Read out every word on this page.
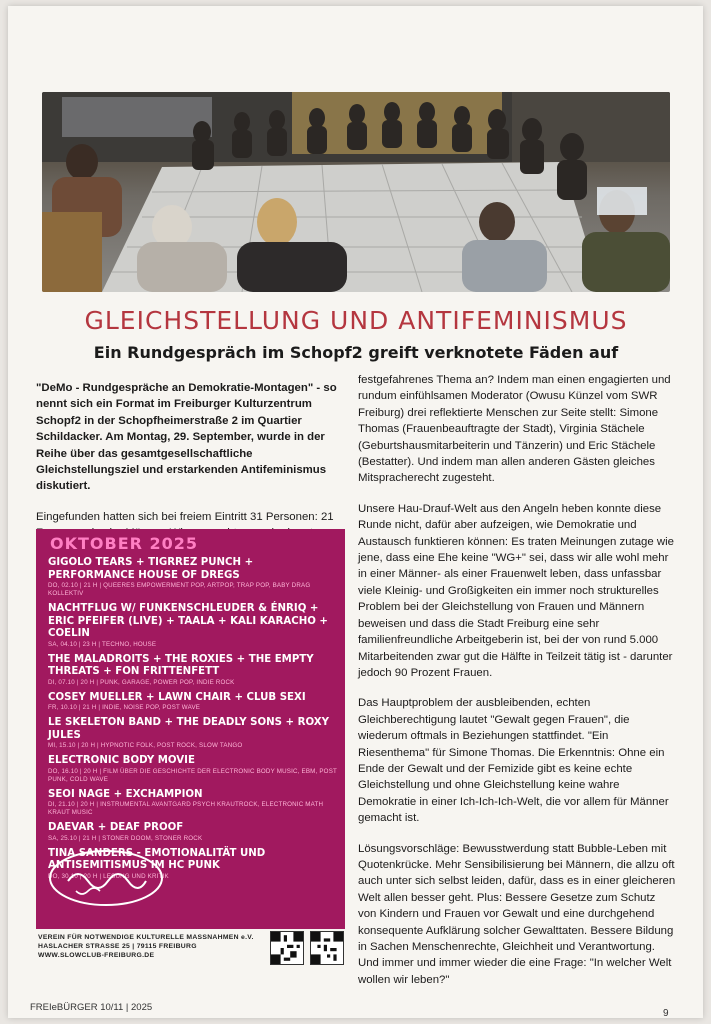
GLEICHSTELLUNG UND ANTIFEMINISMUS
Ein Rundgespräch im Schopf2 greift verknotete Fäden auf

"DeMo - Rundgespräche an Demokratie-Montagen" - so nennt sich ein Format im Freiburger Kulturzentrum Schopf2 in der Schopfheimerstraße 2 im Quartier Schildacker. Am Montag, 29. September, wurde in der Reihe über das gesamtgesellschaftliche Gleichstellungsziel und erstarkenden Antifeminismus diskutiert.

Eingefunden hatten sich bei freiem Eintritt 31 Personen: 21

festgefahrenes Thema an? Indem man einen engagierten und rundum einfühlsamen Moderator (Owusu Künzel vom SWR Freiburg) drei reflektierte Menschen zur Seite stellt: Simone Thomas (Frauenbeauftragte der Stadt), Virginia Stächele (Geburtshausmitarbeiterin und Tänzerin) und Eric Stächele (Bestatter). Und indem man allen anderen Gästen gleiches Mitspracherecht zugesteht.

Unsere Hau-Drauf-Welt aus den Angeln heben konnte diese Runde nicht, dafür aber aufzeigen, wie Demokratie und Austausch funktieren können: Es traten Meinungen zutage wie jene, dass eine Ehe keine "WG+" sei, dass wir alle wohl mehr in einer Männer- als einer Frauenwelt leben, dass unfassbar viele Kleinig- und Großigkeiten ein immer noch strukturelles Problem bei der Gleichstellung von Frauen und Männern beweisen und dass die Stadt Freiburg eine sehr familienfreundliche Arbeitgeberin ist, bei der von rund 5.000 Mitarbeitenden zwar gut die Hälfte in Teilzeit tätig ist - darunter jedoch 90 Prozent Frauen.

Das Hauptproblem der ausbleibenden, echten Gleichberechtigung lautet "Gewalt gegen Frauen", die wiederum oftmals in Beziehungen stattfindet. "Ein Riesenthema" für Simone Thomas. Die Erkenntnis: Ohne ein Ende der Gewalt und der Femizide gibt es keine echte Gleichstellung und ohne Gleichstellung keine wahre Demokratie in einer Ich-Ich-Ich-Welt, die vor allem für Männer gemacht ist.

Lösungsvorschläge: Bewusstwerdung statt Bubble-Leben mit Quotenkrücke. Mehr Sensibilisierung bei Männern, die allzu oft auch unter sich selbst leiden, dafür, dass es in einer gleicheren Welt allen besser geht. Plus: Bessere Gesetze zum Schutz von Kindern und Frauen vor Gewalt und eine durchgehend konsequente Aufklärung solcher Gewalttaten. Bessere Bildung in Sachen Menschenrechte, Gleichheit und Verantwortung. Und immer und immer wieder die eine Frage: "In welcher Welt wollen wir leben?"

OKTOBER 2025
GIGOLO TEARS + TIGRREZ PUNCH + PERFORMANCE HOUSE OF DREGS
DO, 02.10 | 21 H | QUEERES EMPOWERMENT POP, ARTPOP, TRAP POP, BABY DRAG KOLLEKTIV
NACHTFLUG W/ FUNKENSCHLEUDER & ÉNRIQ + ERIC PFEIFER (LIVE) + TAALA + KALI KARACHO + COELIN
SA, 04.10 | 23 H | TECHNO, HOUSE
THE MALADROITS + THE ROXIES + THE EMPTY THREATS + FON FRITTENFETT
DI, 07.10 | 20 H | PUNK, GARAGE, POWER POP, INDIE ROCK
COSEY MUELLER + LAWN CHAIR + CLUB SEXI
FR, 10.10 | 21 H | INDIE, NOISE POP, POST WAVE
LE SKELETON BAND + THE DEADLY SONS + ROXY JULES
MI, 15.10 | 20 H | HYPNOTIC FOLK, POST ROCK, SLOW TANGO
ELECTRONIC BODY MOVIE
DO, 16.10 | 20 H | FILM ÜBER DIE GESCHICHTE DER ELECTRONIC BODY MUSIC, EBM, POST PUNK, COLD WAVE
SEOI NAGE + EXCHAMPION
DI, 21.10 | 20 H | INSTRUMENTAL AVANTGARD PSYCH KRAUTROCK, ELECTRONIC MATH KRAUT MUSIC
DAEVAR + DEAF PROOF
SA, 25.10 | 21 H | STONER DOOM, STONER ROCK
TINA SANDERS - EMOTIONALITÄT UND ANTISEMITISMUS IM HC PUNK
DO, 30.10 | 20 H | LESUNG UND KRITIK
VEREIN FÜR NOTWENDIGE KULTURELLE MASSNAHMEN e.V.
HASLACHER STRASSE 25 | 79115 FREIBURG
WWW.SLOWCLUB-FREIBURG.DE
FREIeBÜRGER 10/11 | 2025
9
